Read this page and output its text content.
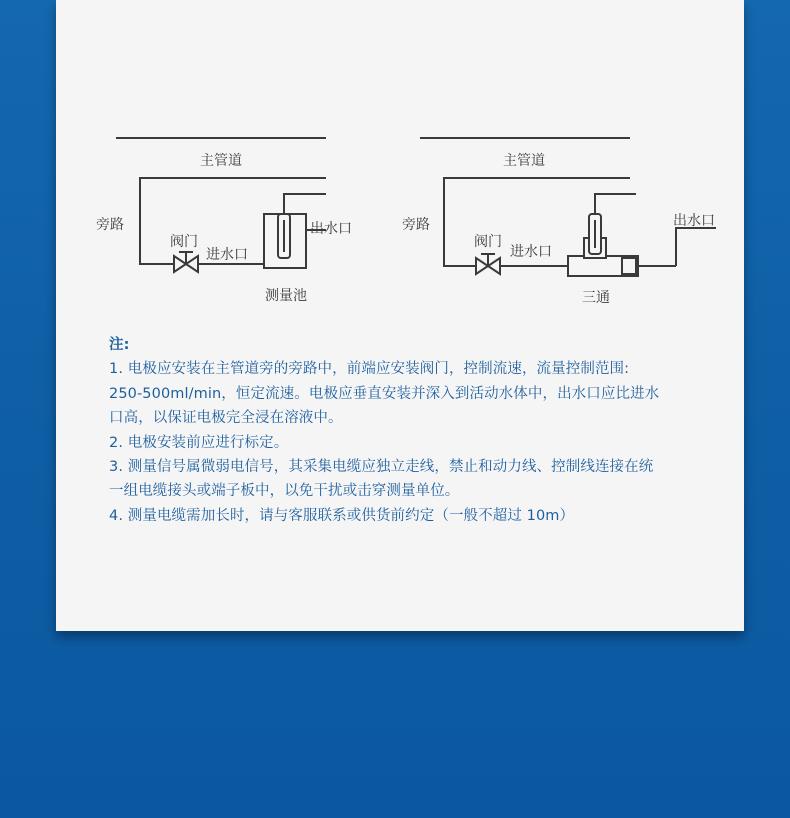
主管道
旁路
阀门
进水口
出水口
测量池
主管道
旁路
阀门
进水口
出水口
三通

注:

1. 电极应安装在主管道旁的旁路中，前端应安装阀门，控制流速，流量控制范围:

250-500ml/min，恒定流速。电极应垂直安装并深入到活动水体中，出水口应比进水

口高，以保证电极完全浸在溶液中。

2. 电极安装前应进行标定。

3. 测量信号属微弱电信号，其采集电缆应独立走线，禁止和动力线、控制线连接在统

一组电缆接头或端子板中，以免干扰或击穿测量单位。

4. 测量电缆需加长时，请与客服联系或供货前约定（一般不超过 10m）
